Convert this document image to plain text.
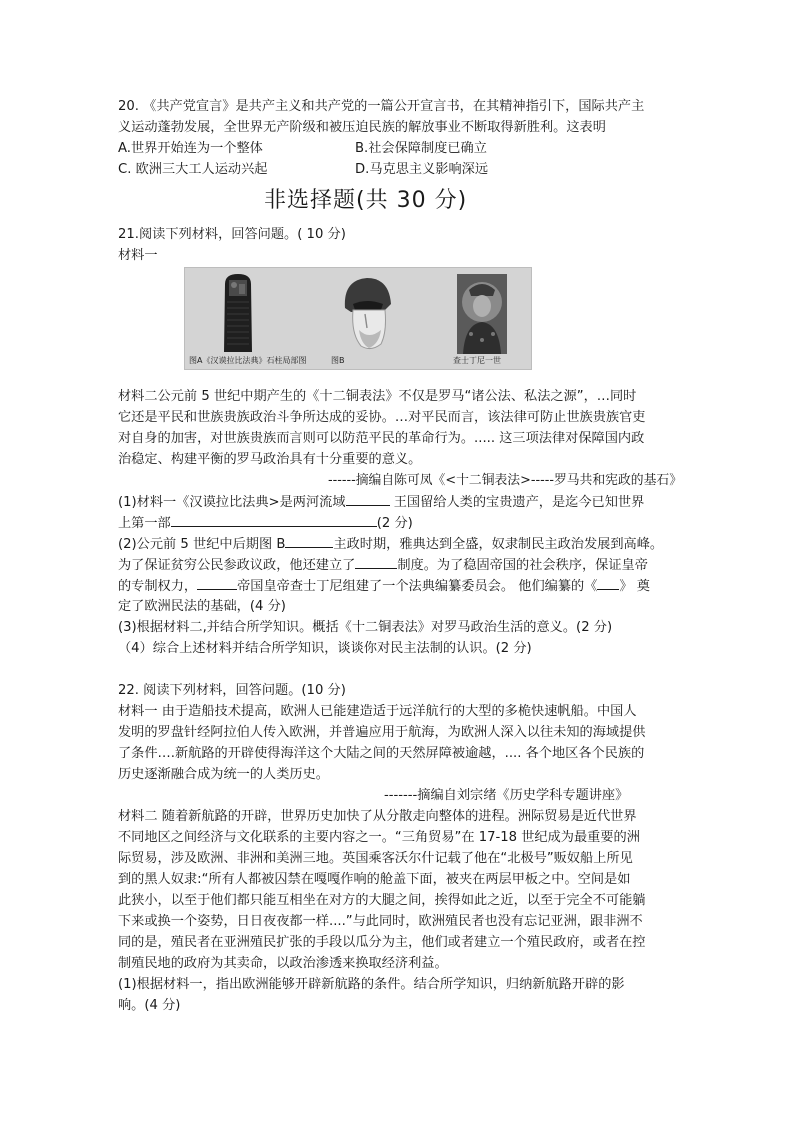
20. 《共产党宣言》是共产主义和共产党的一篇公开宣言书，在其精神指引下，国际共产主
义运动蓬勃发展，全世界无产阶级和被压迫民族的解放事业不断取得新胜利。这表明
A.世界开始连为一个整体	B.社会保障制度已确立
C. 欧洲三大工人运动兴起	D.马克思主义影响深远
非选择题(共 30 分)
21.阅读下列材料，回答问题。( 10 分)
材料一
图A《汉谟拉比法典》石柱局部图	图B	查士丁尼一世
材料二公元前 5 世纪中期产生的《十二铜表法》不仅是罗马“诸公法、私法之源”，…同时
它还是平民和世族贵族政治斗争所达成的妥协。…对平民而言，该法律可防止世族贵族官吏
对自身的加害，对世族贵族而言则可以防范平民的革命行为。..... 这三项法律对保障国内政
治稳定、构建平衡的罗马政治具有十分重要的意义。
------摘编自陈可凤《<十二铜表法>-----罗马共和宪政的基石》
(1)材料一《汉谟拉比法典>是两河流域	王国留给人类的宝贵遗产，是迄今已知世界
上第一部	(2 分)
(2)公元前 5 世纪中后期图 B	主政时期，雅典达到全盛，奴隶制民主政治发展到高峰。
为了保证贫穷公民参政议政，他还建立了	制度。为了稳固帝国的社会秩序，保证皇帝
的专制权力，	帝国皇帝查士丁尼组建了一个法典编纂委员会。 他们编纂的《 》 奠
定了欧洲民法的基础，(4 分)
(3)根据材料二,并结合所学知识。概括《十二铜表法》对罗马政治生活的意义。(2 分)
（4）综合上述材料并结合所学知识，谈谈你对民主法制的认识。(2 分)
22. 阅读下列材料，回答问题。(10 分)
材料一 由于造船技术提高，欧洲人已能建造适于远洋航行的大型的多桅快速帆船。中国人
发明的罗盘针经阿拉伯人传入欧洲，并普遍应用于航海，为欧洲人深入以往未知的海域提供
了条件….新航路的开辟使得海洋这个大陆之间的天然屏障被逾越，.... 各个地区各个民族的
历史逐渐融合成为统一的人类历史。
-------摘编自刘宗绪《历史学科专题讲座》
材料二 随着新航路的开辟，世界历史加快了从分散走向整体的进程。洲际贸易是近代世界
不同地区之间经济与文化联系的主要内容之一。“三角贸易”在 17-18 世纪成为最重要的洲
际贸易，涉及欧洲、非洲和美洲三地。英国乘客沃尔什记载了他在“北极号”贩奴船上所见
到的黑人奴隶:“所有人都被囚禁在嘎嘎作响的舱盖下面，被夹在两层甲板之中。空间是如
此狭小，以至于他们都只能互相坐在对方的大腿之间，挨得如此之近，以至于完全不可能躺
下来或换一个姿势，日日夜夜都一样....”与此同时，欧洲殖民者也没有忘记亚洲，跟非洲不
同的是，殖民者在亚洲殖民扩张的手段以瓜分为主，他们或者建立一个殖民政府，或者在控
制殖民地的政府为其卖命，以政治渗透来换取经济利益。
(1)根据材料一，指出欧洲能够开辟新航路的条件。结合所学知识，归纳新航路开辟的影
响。(4 分)
